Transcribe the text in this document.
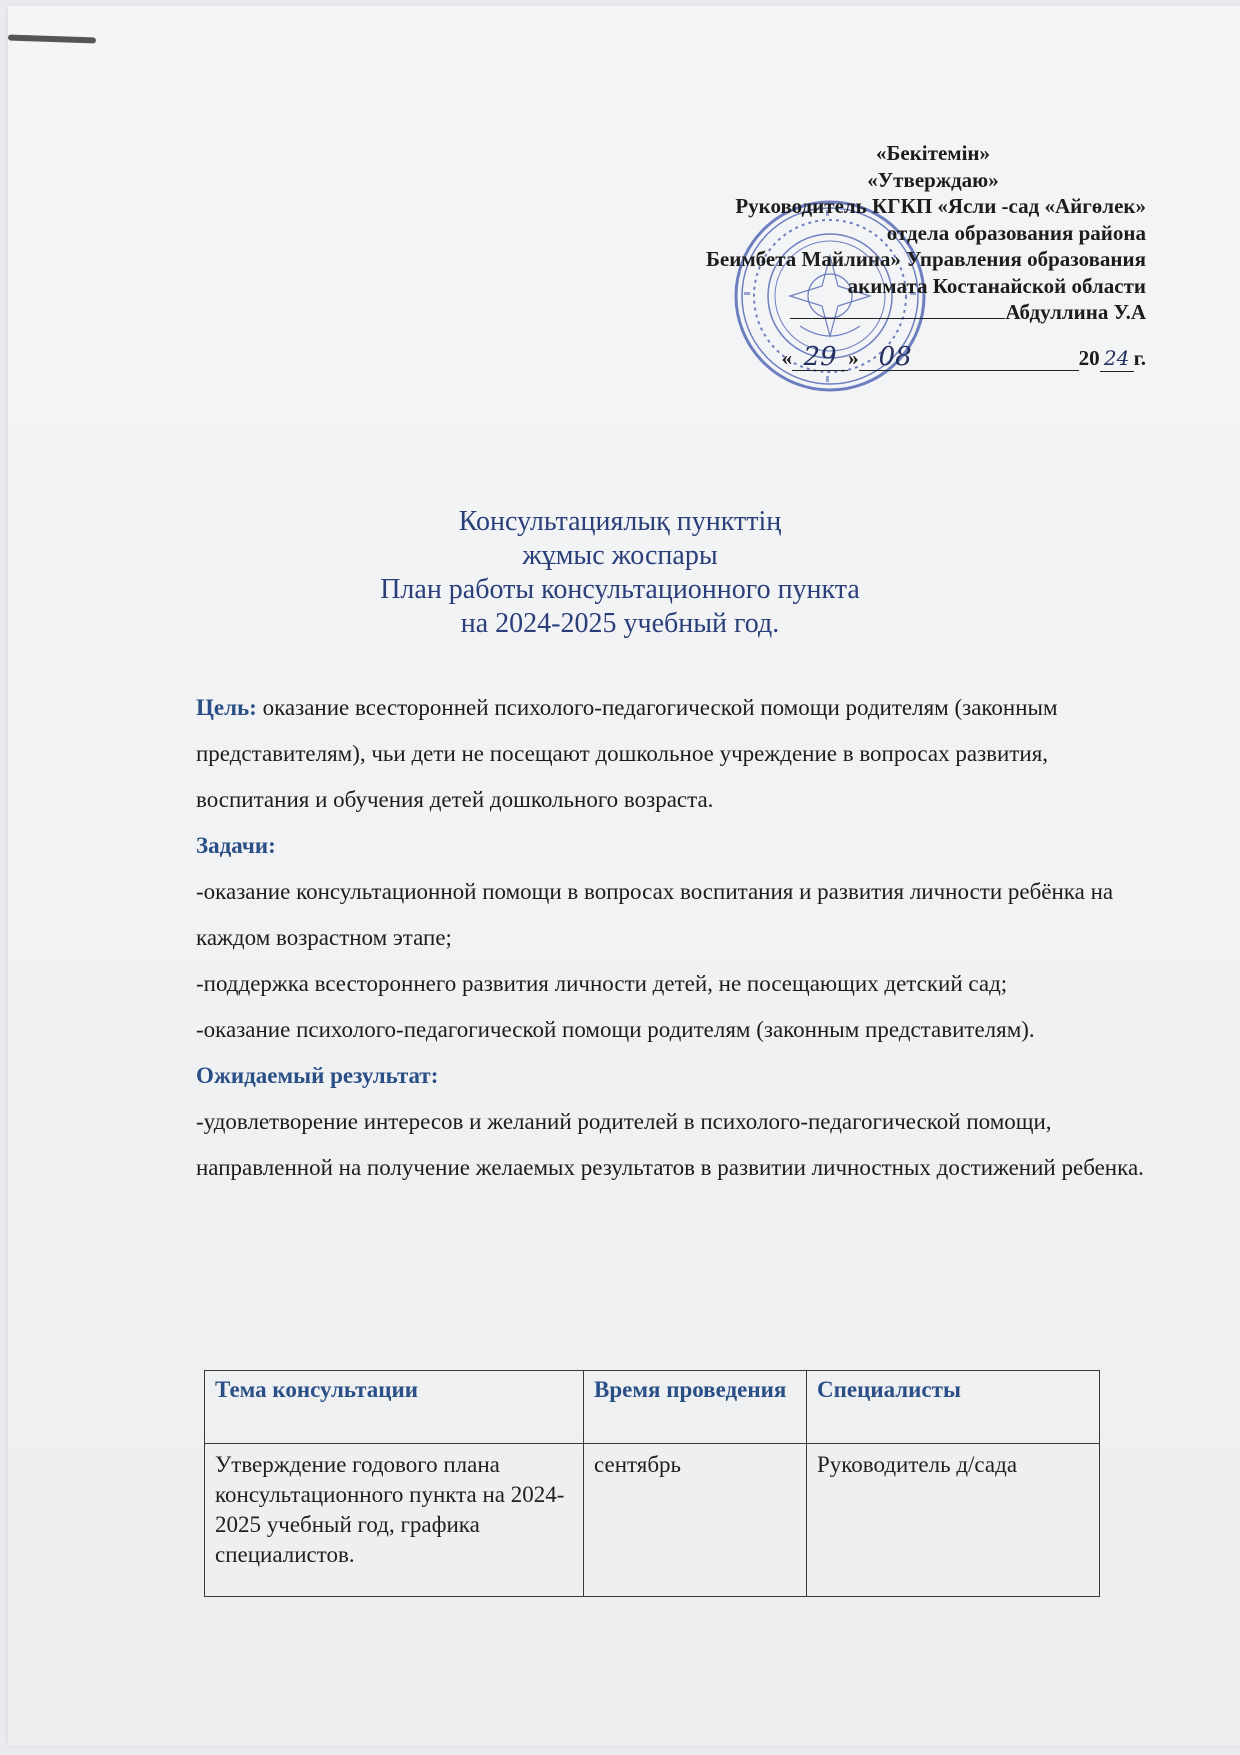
«Бекітемін»
«Утверждаю»
Руководитель КГКП «Ясли -сад «Айгөлек»
отдела образования района
Беимбета Майлина» Управления образования
акимата Костанайской области
Абдуллина У.А
« 29 » 08	20 24 г.
Консультациялық пункттің
жұмыс жоспары
План работы консультационного пункта
на 2024-2025 учебный год.

Цель: оказание всесторонней психолого-педагогической помощи родителям (законным представителям), чьи дети не посещают дошкольное учреждение в вопросах развития, воспитания и обучения детей дошкольного возраста.

Задачи:

-оказание консультационной помощи в вопросах воспитания и развития личности ребёнка на каждом возрастном этапе;

-поддержка всестороннего развития личности детей, не посещающих детский сад;

-оказание психолого-педагогической помощи родителям (законным представителям).

Ожидаемый результат:

-удовлетворение интересов и желаний родителей в психолого-педагогической помощи, направленной на получение желаемых результатов в развитии личностных достижений ребенка.

Тема консультации	Время проведения	Специалисты
Утверждение годового плана консультационного пункта на 2024-2025 учебный год, графика специалистов.	сентябрь	Руководитель д/сада
